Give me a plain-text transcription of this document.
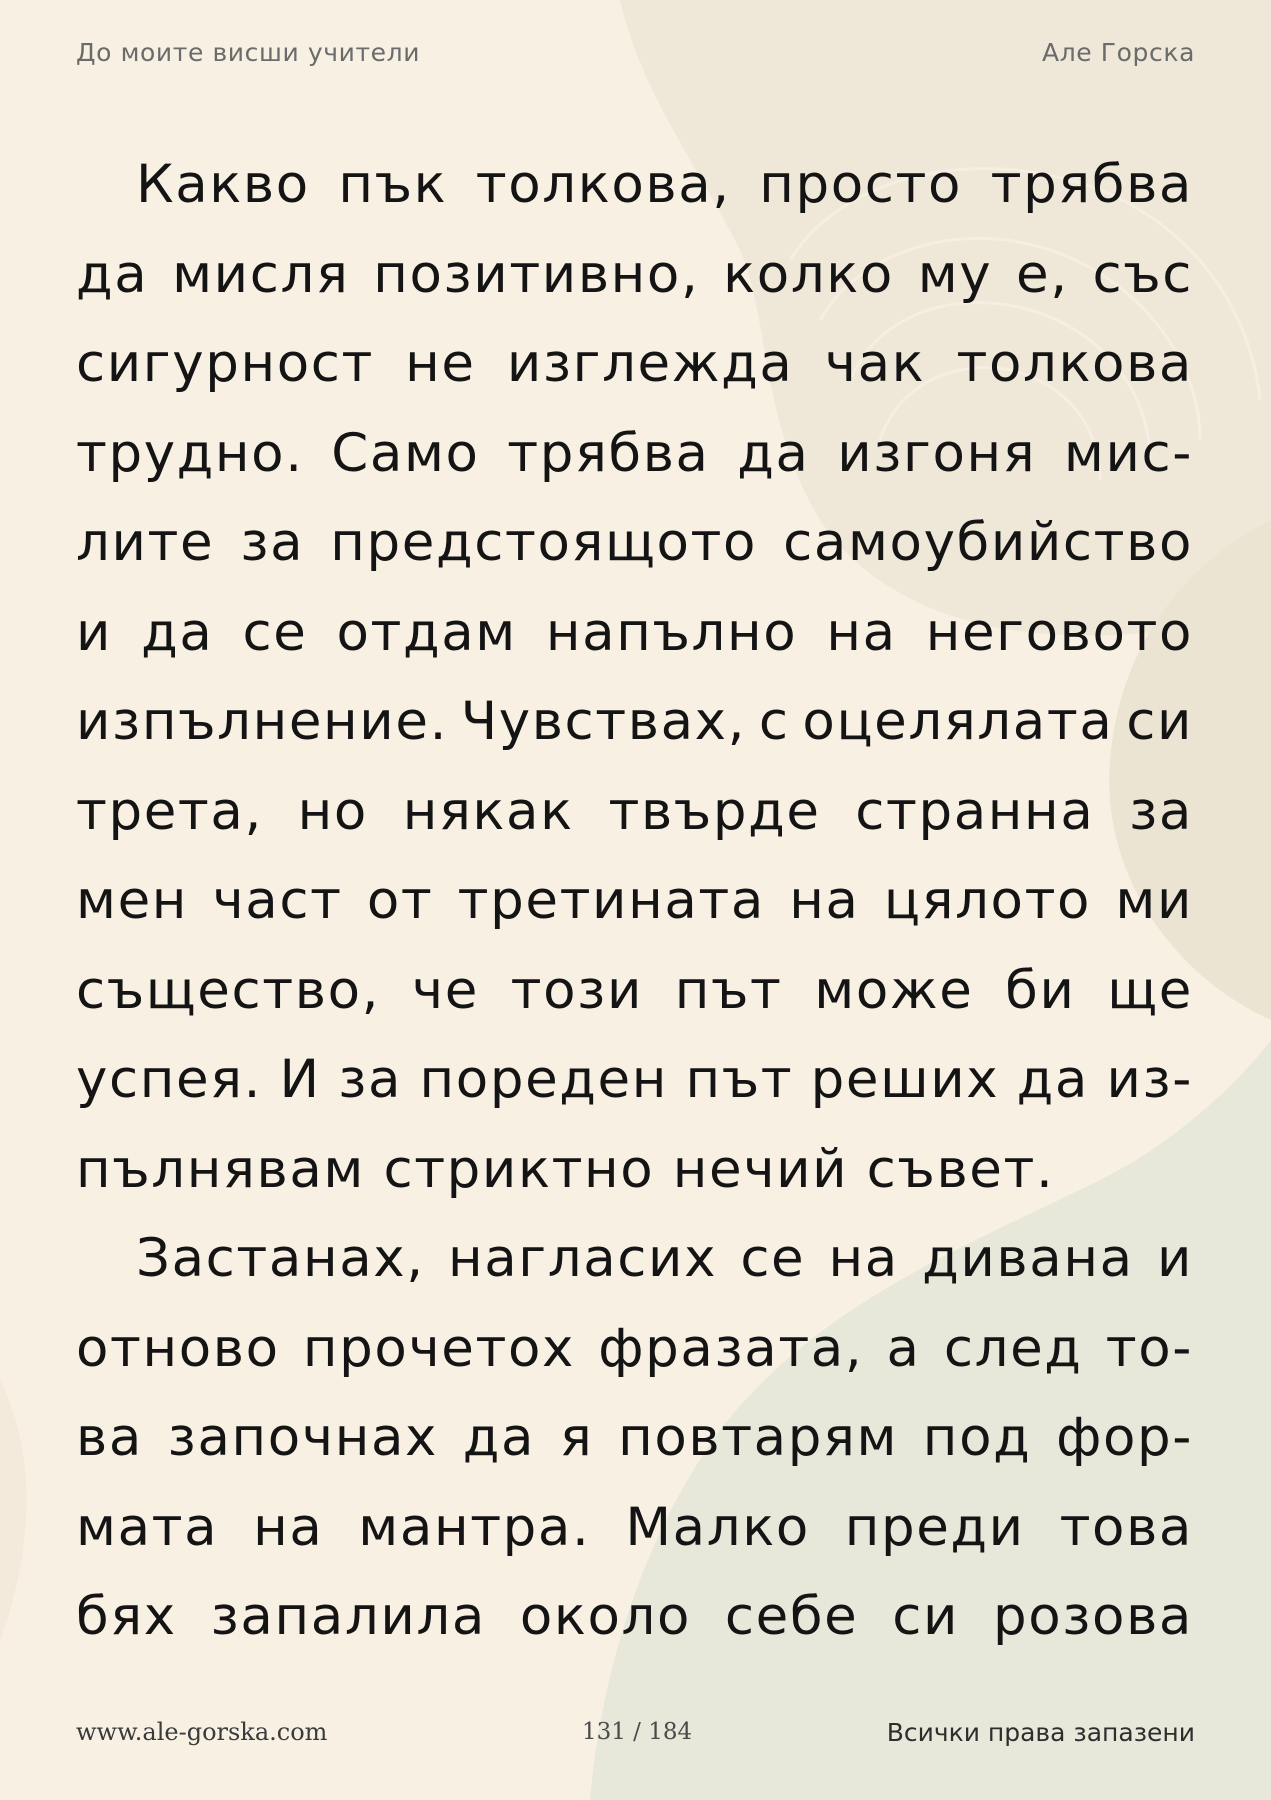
До моите висши учители	Але Горска
Какво пък толкова, просто трябва
да мисля позитивно, колко му е, със
сигурност не изглежда чак толкова
трудно. Само трябва да изгоня мис-
лите за предстоящото самоубийство
и да се отдам напълно на неговото
изпълнение. Чувствах, с оцелялата си
трета, но някак твърде странна за
мен част от третината на цялото ми
същество, че този път може би ще
успея. И за пореден път реших да из-
пълнявам стриктно нечий съвет.
Застанах, нагласих се на дивана и
отново прочетох фразата, а след то-
ва започнах да я повтарям под фор-
мата на мантра. Малко преди това
бях запалила около себе си розова
www.ale-gorska.com	131 / 184	Всички права запазени
